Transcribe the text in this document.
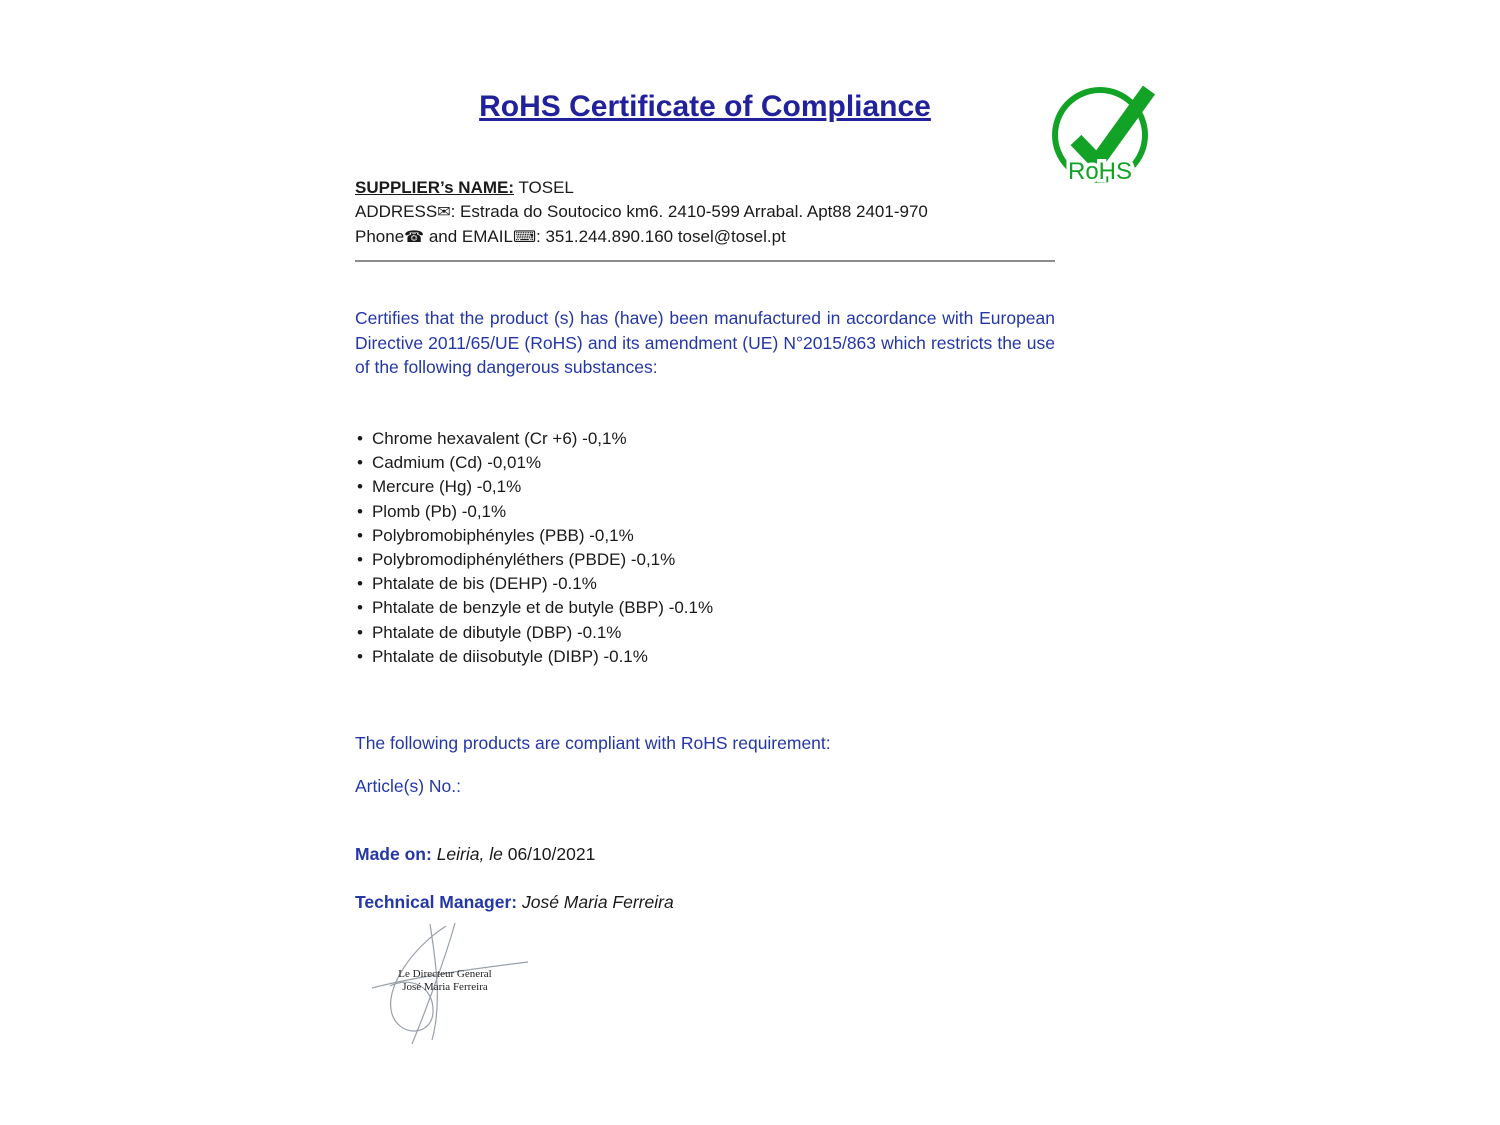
RoHS Certificate of Compliance
SUPPLIER’s NAME: TOSEL
ADDRESS✉: Estrada do Soutocico km6. 2410-599 Arrabal. Apt88 2401-970
Phone☎ and EMAIL⌨: 351.244.890.160 tosel@tosel.pt

Certifies that the product (s) has (have) been manufactured in accordance with European Directive 2011/65/UE (RoHS) and its amendment (UE) N°2015/863 which restricts the use of the following dangerous substances:

• Chrome hexavalent (Cr +6) -0,1%
• Cadmium (Cd) -0,01%
• Mercure (Hg) -0,1%
• Plomb (Pb) -0,1%
• Polybromobiphényles (PBB) -0,1%
• Polybromodiphényléthers (PBDE) -0,1%
• Phtalate de bis (DEHP) -0.1%
• Phtalate de benzyle et de butyle (BBP) -0.1%
• Phtalate de dibutyle (DBP) -0.1%
• Phtalate de diisobutyle (DIBP) -0.1%

The following products are compliant with RoHS requirement:

Article(s) No.:

Made on: Leiria, le 06/10/2021

Technical Manager: José Maria Ferreira

Le Directeur General
José Maria Ferreira
RoHS
